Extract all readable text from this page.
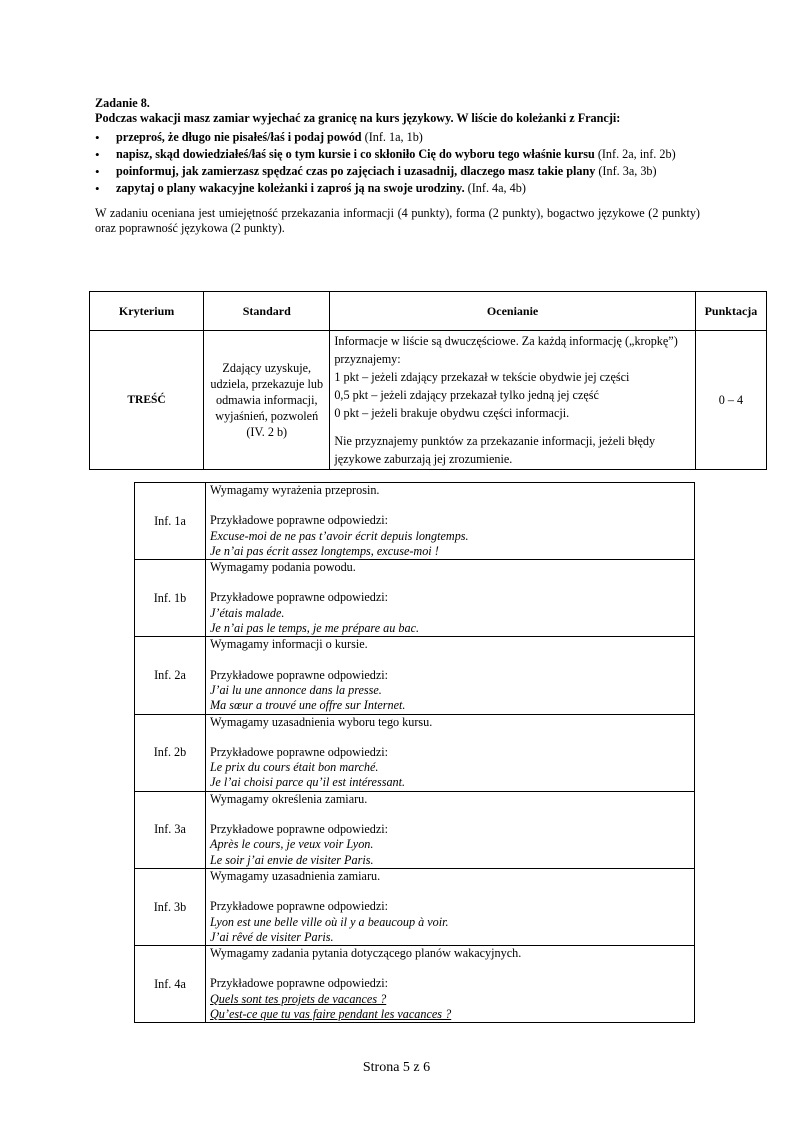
Zadanie 8.
Podczas wakacji masz zamiar wyjechać za granicę na kurs językowy. W liście do koleżanki z Francji:
• przeproś, że długo nie pisałeś/łaś i podaj powód (Inf. 1a, 1b)
• napisz, skąd dowiedziałeś/łaś się o tym kursie i co skłoniło Cię do wyboru tego właśnie kursu (Inf. 2a, inf. 2b)
• poinformuj, jak zamierzasz spędzać czas po zajęciach i uzasadnij, dlaczego masz takie plany (Inf. 3a, 3b)
• zapytaj o plany wakacyjne koleżanki i zaproś ją na swoje urodziny. (Inf. 4a, 4b)
W zadaniu oceniana jest umiejętność przekazania informacji (4 punkty), forma (2 punkty), bogactwo językowe (2 punkty) oraz poprawność językowa (2 punkty).
Kryterium	Standard	Ocenianie	Punktacja
TREŚĆ	Zdający uzyskuje, udziela, przekazuje lub odmawia informacji, wyjaśnień, pozwoleń (IV. 2 b)	Informacje w liście są dwuczęściowe. Za każdą informację („kropkę”) przyznajemy:

1 pkt – jeżeli zdający przekazał w tekście obydwie jej części

0,5 pkt – jeżeli zdający przekazał tylko jedną jej część

0 pkt – jeżeli brakuje obydwu części informacji.

Nie przyznajemy punktów za przekazanie informacji, jeżeli błędy językowe zaburzają jej zrozumienie.	0 – 4
Inf. 1a	Wymagamy wyrażenia przeprosin.
Przykładowe poprawne odpowiedzi:
Excuse-moi de ne pas t’avoir écrit depuis longtemps.
Je n’ai pas écrit assez longtemps, excuse-moi !

Inf. 1b	Wymagamy podania powodu.
Przykładowe poprawne odpowiedzi:
J’étais malade.
Je n’ai pas le temps, je me prépare au bac.

Inf. 2a	Wymagamy informacji o kursie.
Przykładowe poprawne odpowiedzi:
J’ai lu une annonce dans la presse.
Ma sœur a trouvé une offre sur Internet.

Inf. 2b	Wymagamy uzasadnienia wyboru tego kursu.
Przykładowe poprawne odpowiedzi:
Le prix du cours était bon marché.
Je l’ai choisi parce qu’il est intéressant.

Inf. 3a	Wymagamy określenia zamiaru.
Przykładowe poprawne odpowiedzi:
Après le cours, je veux voir Lyon.
Le soir j’ai envie de visiter Paris.

Inf. 3b	Wymagamy uzasadnienia zamiaru.
Przykładowe poprawne odpowiedzi:
Lyon est une belle ville où il y a beaucoup à voir.
J’ai rêvé de visiter Paris.

Inf. 4a	Wymagamy zadania pytania dotyczącego planów wakacyjnych.
Przykładowe poprawne odpowiedzi:
Quels sont tes projets de vacances ?
Qu’est-ce que tu vas faire pendant les vacances ?
Strona 5 z 6
